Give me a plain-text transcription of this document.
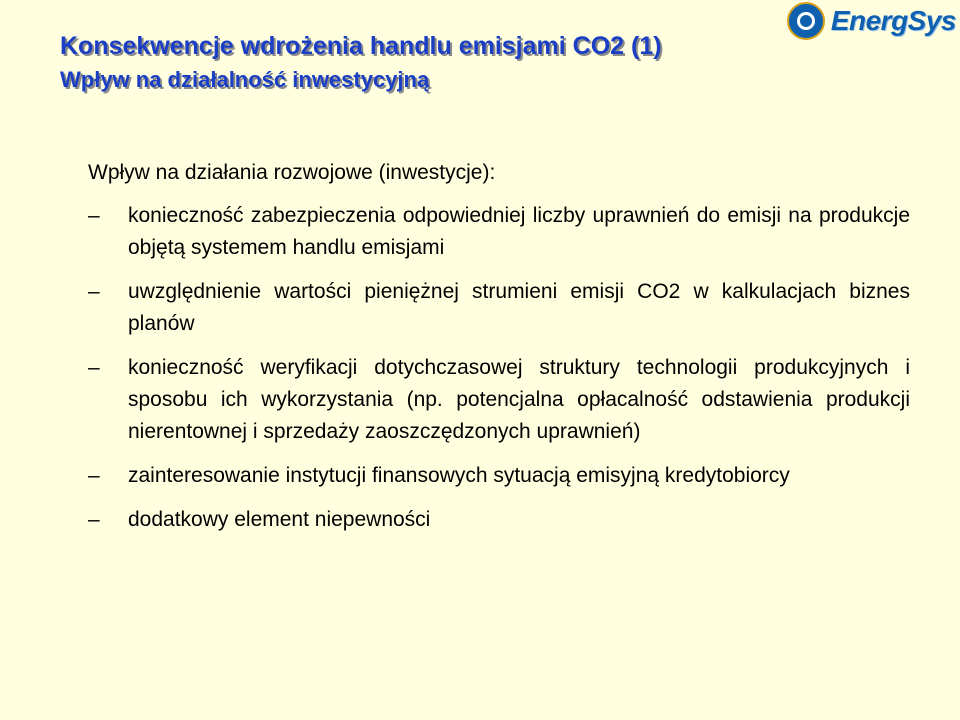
EnergSys
Konsekwencje wdrożenia handlu emisjami CO2 (1)
Wpływ na działalność inwestycyjną
Wpływ na działania rozwojowe (inwestycje):
–	konieczność zabezpieczenia odpowiedniej liczby uprawnień do emisji na produkcje objętą systemem handlu emisjami
–	uwzględnienie wartości pieniężnej strumieni emisji CO2 w kalkulacjach biznes planów
–	konieczność weryfikacji dotychczasowej struktury technologii produkcyjnych i sposobu ich wykorzystania (np. potencjalna opłacalność odstawienia produkcji nierentownej i sprzedaży zaoszczędzonych uprawnień)
–	zainteresowanie instytucji finansowych sytuacją emisyjną kredytobiorcy
–	dodatkowy element niepewności
